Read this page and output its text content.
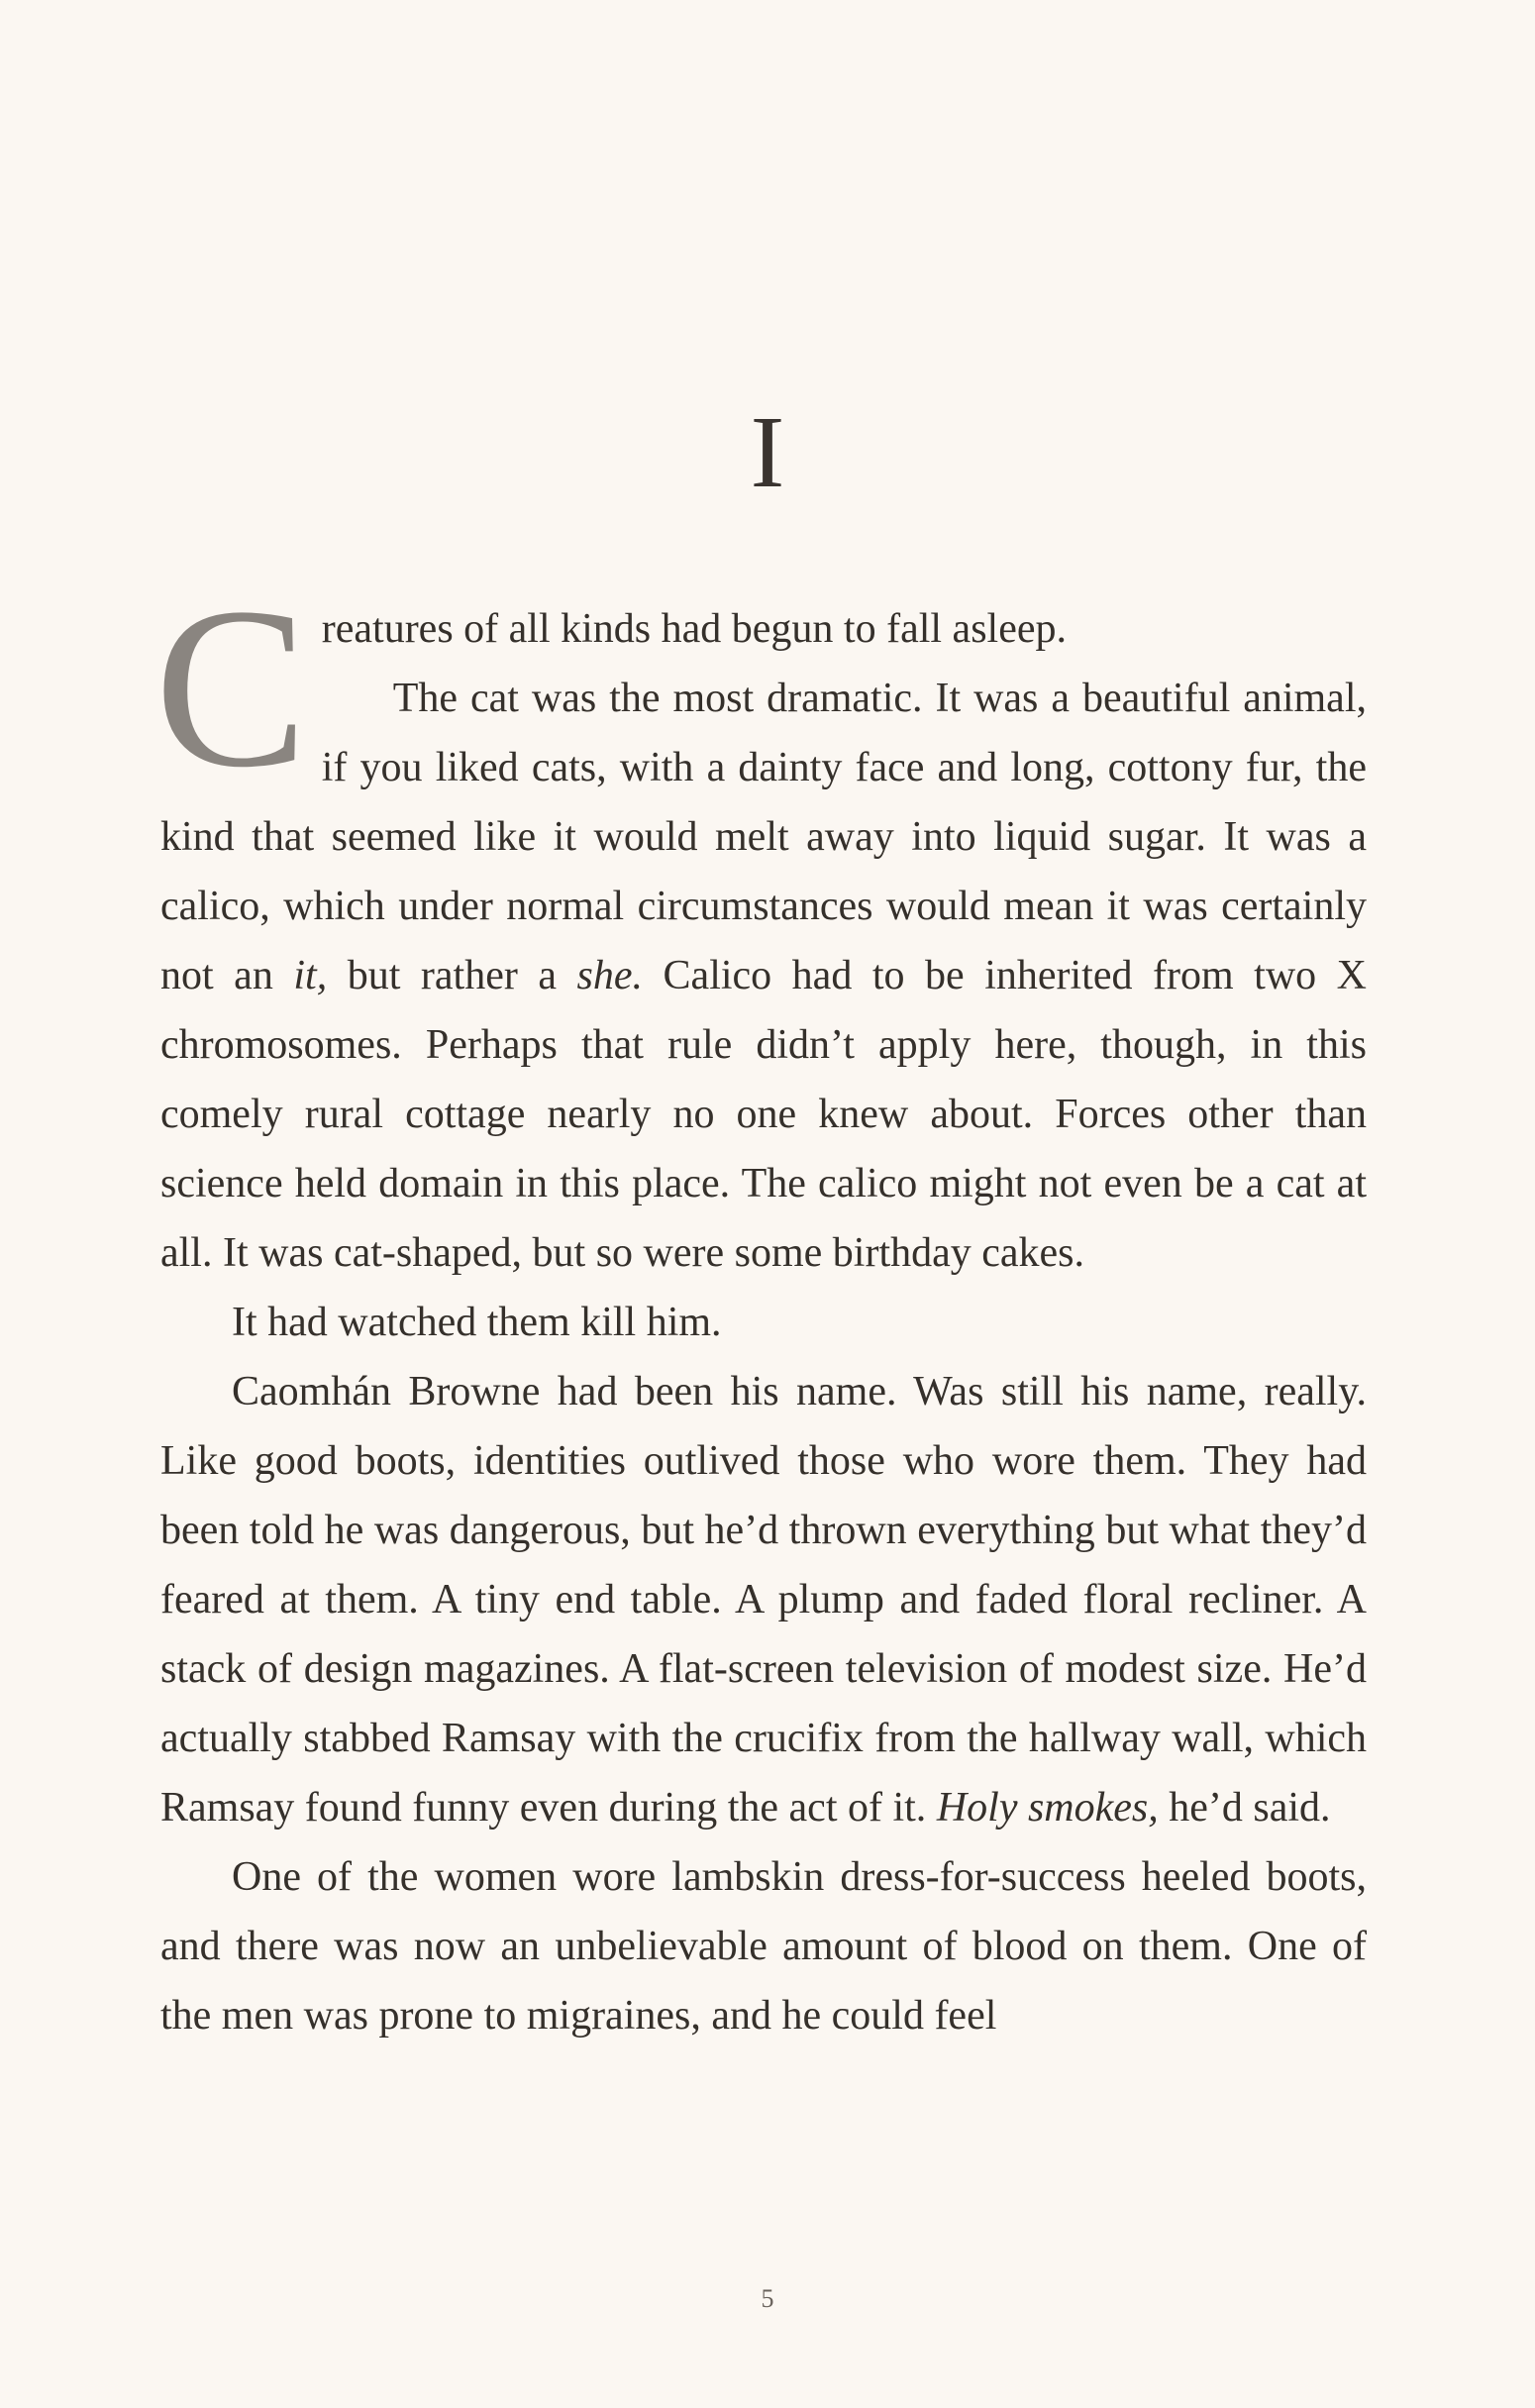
I

Creatures of all kinds had begun to fall asleep.

The cat was the most dramatic. It was a beautiful animal, if you liked cats, with a dainty face and long, cottony fur, the kind that seemed like it would melt away into liquid sugar. It was a calico, which under normal circumstances would mean it was certainly not an it, but rather a she. Calico had to be inherited from two X chromosomes. Perhaps that rule didn’t apply here, though, in this comely rural cottage nearly no one knew about. Forces other than science held domain in this place. The calico might not even be a cat at all. It was cat-shaped, but so were some birthday cakes.

It had watched them kill him.

Caomhán Browne had been his name. Was still his name, really. Like good boots, identities outlived those who wore them. They had been told he was dangerous, but he’d thrown everything but what they’d feared at them. A tiny end table. A plump and faded floral recliner. A stack of design magazines. A flat-screen television of modest size. He’d actually stabbed Ramsay with the crucifix from the hallway wall, which Ramsay found funny even during the act of it. Holy smokes, he’d said.

One of the women wore lambskin dress-for-success heeled boots, and there was now an unbelievable amount of blood on them. One of the men was prone to migraines, and he could feel

5
